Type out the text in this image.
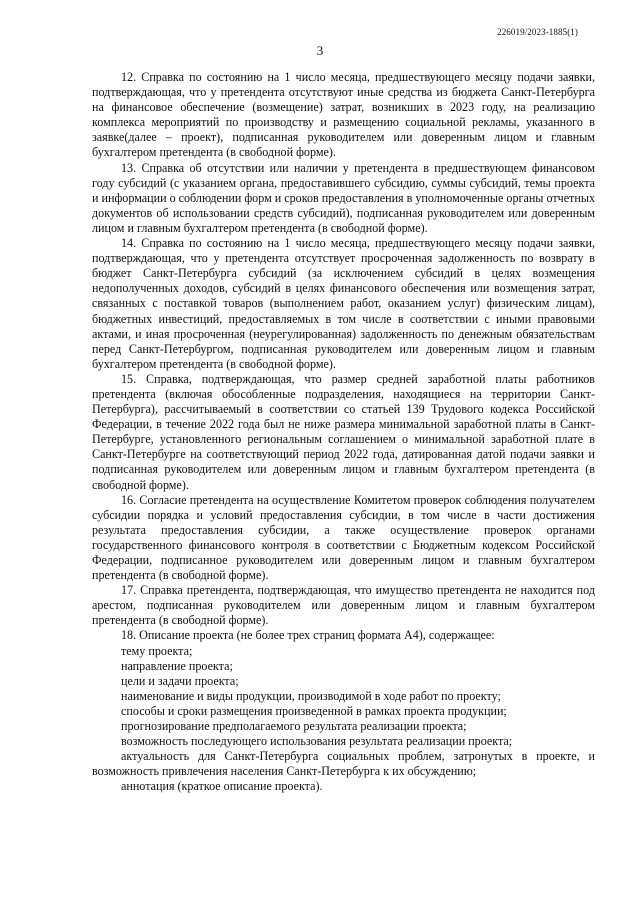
226019/2023-1885(1)
3

12. Справка по состоянию на 1 число месяца, предшествующего месяцу подачи заявки, подтверждающая, что у претендента отсутствуют иные средства из бюджета Санкт-Петербурга на финансовое обеспечение (возмещение) затрат, возникших в 2023 году, на реализацию комплекса мероприятий по производству и размещению социальной рекламы, указанного в заявке(далее – проект), подписанная руководителем или доверенным лицом и главным бухгалтером претендента (в свободной форме).

13. Справка об отсутствии или наличии у претендента в предшествующем финансовом году субсидий (с указанием органа, предоставившего субсидию, суммы субсидий, темы проекта и информации о соблюдении форм и сроков предоставления в уполномоченные органы отчетных документов об использовании средств субсидий), подписанная руководителем или доверенным лицом и главным бухгалтером претендента (в свободной форме).

14. Справка по состоянию на 1 число месяца, предшествующего месяцу подачи заявки, подтверждающая, что у претендента отсутствует просроченная задолженность по возврату в бюджет Санкт-Петербурга субсидий (за исключением субсидий в целях возмещения недополученных доходов, субсидий в целях финансового обеспечения или возмещения затрат, связанных с поставкой товаров (выполнением работ, оказанием услуг) физическим лицам), бюджетных инвестиций, предоставляемых в том числе в соответствии с иными правовыми актами, и иная просроченная (неурегулированная) задолженность по денежным обязательствам перед Санкт-Петербургом, подписанная руководителем или доверенным лицом и главным бухгалтером претендента (в свободной форме).

15. Справка, подтверждающая, что размер средней заработной платы работников претендента (включая обособленные подразделения, находящиеся на территории Санкт-Петербурга), рассчитываемый в соответствии со статьей 139 Трудового кодекса Российской Федерации, в течение 2022 года был не ниже размера минимальной заработной платы в Санкт-Петербурге, установленного региональным соглашением о минимальной заработной плате в Санкт-Петербурге на соответствующий период 2022 года, датированная датой подачи заявки и подписанная руководителем или доверенным лицом и главным бухгалтером претендента (в свободной форме).

16. Согласие претендента на осуществление Комитетом проверок соблюдения получателем субсидии порядка и условий предоставления субсидии, в том числе в части достижения результата предоставления субсидии, а также осуществление проверок органами государственного финансового контроля в соответствии с Бюджетным кодексом Российской Федерации, подписанное руководителем или доверенным лицом и главным бухгалтером претендента (в свободной форме).

17. Справка претендента, подтверждающая, что имущество претендента не находится под арестом, подписанная руководителем или доверенным лицом и главным бухгалтером претендента (в свободной форме).

18. Описание проекта (не более трех страниц формата А4), содержащее:

тему проекта;

направление проекта;

цели и задачи проекта;

наименование и виды продукции, производимой в ходе работ по проекту;

способы и сроки размещения произведенной в рамках проекта продукции;

прогнозирование предполагаемого результата реализации проекта;

возможность последующего использования результата реализации проекта;

актуальность для Санкт-Петербурга социальных проблем, затронутых в проекте, и возможность привлечения населения Санкт-Петербурга к их обсуждению;

аннотация (краткое описание проекта).
